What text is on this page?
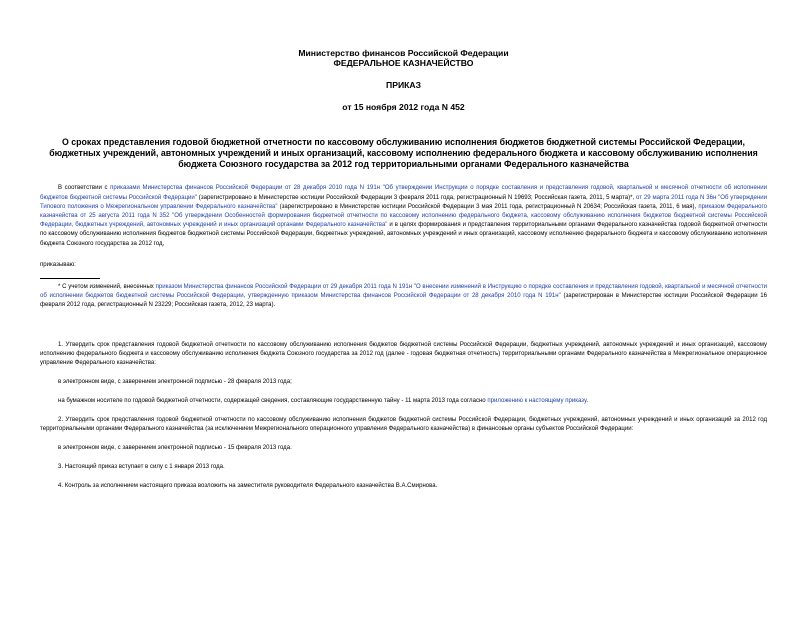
Министерство финансов Российской Федерации
ФЕДЕРАЛЬНОЕ КАЗНАЧЕЙСТВО
ПРИКАЗ
от 15 ноября 2012 года N 452
О сроках представления годовой бюджетной отчетности по кассовому обслуживанию исполнения бюджетов бюджетной системы Российской Федерации, бюджетных учреждений, автономных учреждений и иных организаций, кассовому исполнению федерального бюджета и кассовому обслуживанию исполнения бюджета Союзного государства за 2012 год территориальными органами Федерального казначейства

В соответствии с приказами Министерства финансов Российской Федерации от 28 декабря 2010 года N 191н "Об утверждении Инструкции о порядке составления и представления годовой, квартальной и месячной отчетности об исполнении бюджетов бюджетной системы Российской Федерации" (зарегистрировано в Министерстве юстиции Российской Федерации 3 февраля 2011 года, регистрационный N 19693; Российская газета, 2011, 5 марта)*, от 29 марта 2011 года N 36н "Об утверждении Типового положения о Межрегиональном управлении Федерального казначейства" (зарегистрировано в Министерстве юстиции Российской Федерации 3 мая 2011 года, регистрационный N 20634; Российская газета, 2011, 6 мая), приказом Федерального казначейства от 25 августа 2011 года N 352 "Об утверждении Особенностей формирования бюджетной отчетности по кассовому исполнению федерального бюджета, кассовому обслуживанию исполнения бюджетов бюджетной системы Российской Федерации, бюджетных учреждений, автономных учреждений и иных организаций органами Федерального казначейства" и в целях формирования и представления территориальными органами Федерального казначейства годовой бюджетной отчетности по кассовому обслуживанию исполнения бюджетов бюджетной системы Российской Федерации, бюджетных учреждений, автономных учреждений и иных организаций, кассовому исполнению федерального бюджета и кассовому обслуживанию исполнения бюджета Союзного государства за 2012 год,

приказываю:

* С учетом изменений, внесенных приказом Министерства финансов Российской Федерации от 29 декабря 2011 года N 191н "О внесении изменений в Инструкцию о порядке составления и представления годовой, квартальной и месячной отчетности об исполнении бюджетов бюджетной системы Российской Федерации, утвержденную приказом Министерства финансов Российской Федерации от 28 декабря 2010 года N 191н" (зарегистрирован в Министерстве юстиции Российской Федерации 16 февраля 2012 года, регистрационный N 23229; Российская газета, 2012, 23 марта).

1. Утвердить срок представления годовой бюджетной отчетности по кассовому обслуживанию исполнения бюджетов бюджетной системы Российской Федерации, бюджетных учреждений, автономных учреждений и иных организаций, кассовому исполнению федерального бюджета и кассовому обслуживанию исполнения бюджета Союзного государства за 2012 год (далее - годовая бюджетная отчетность) территориальными органами Федерального казначейства в Межрегиональное операционное управление Федерального казначейства:

в электронном виде, с заверением электронной подписью - 28 февраля 2013 года;

на бумажном носителе по годовой бюджетной отчетности, содержащей сведения, составляющие государственную тайну - 11 марта 2013 года согласно приложению к настоящему приказу.

2. Утвердить срок представления годовой бюджетной отчетности по кассовому обслуживанию исполнения бюджетов бюджетной системы Российской Федерации, бюджетных учреждений, автономных учреждений и иных организаций за 2012 год территориальными органами Федерального казначейства (за исключением Межрегионального операционного управления Федерального казначейства) в финансовые органы субъектов Российской Федерации:

в электронном виде, с заверением электронной подписью - 15 февраля 2013 года.

3. Настоящий приказ вступает в силу с 1 января 2013 года.

4. Контроль за исполнением настоящего приказа возложить на заместителя руководителя Федерального казначейства В.А.Смирнова.
